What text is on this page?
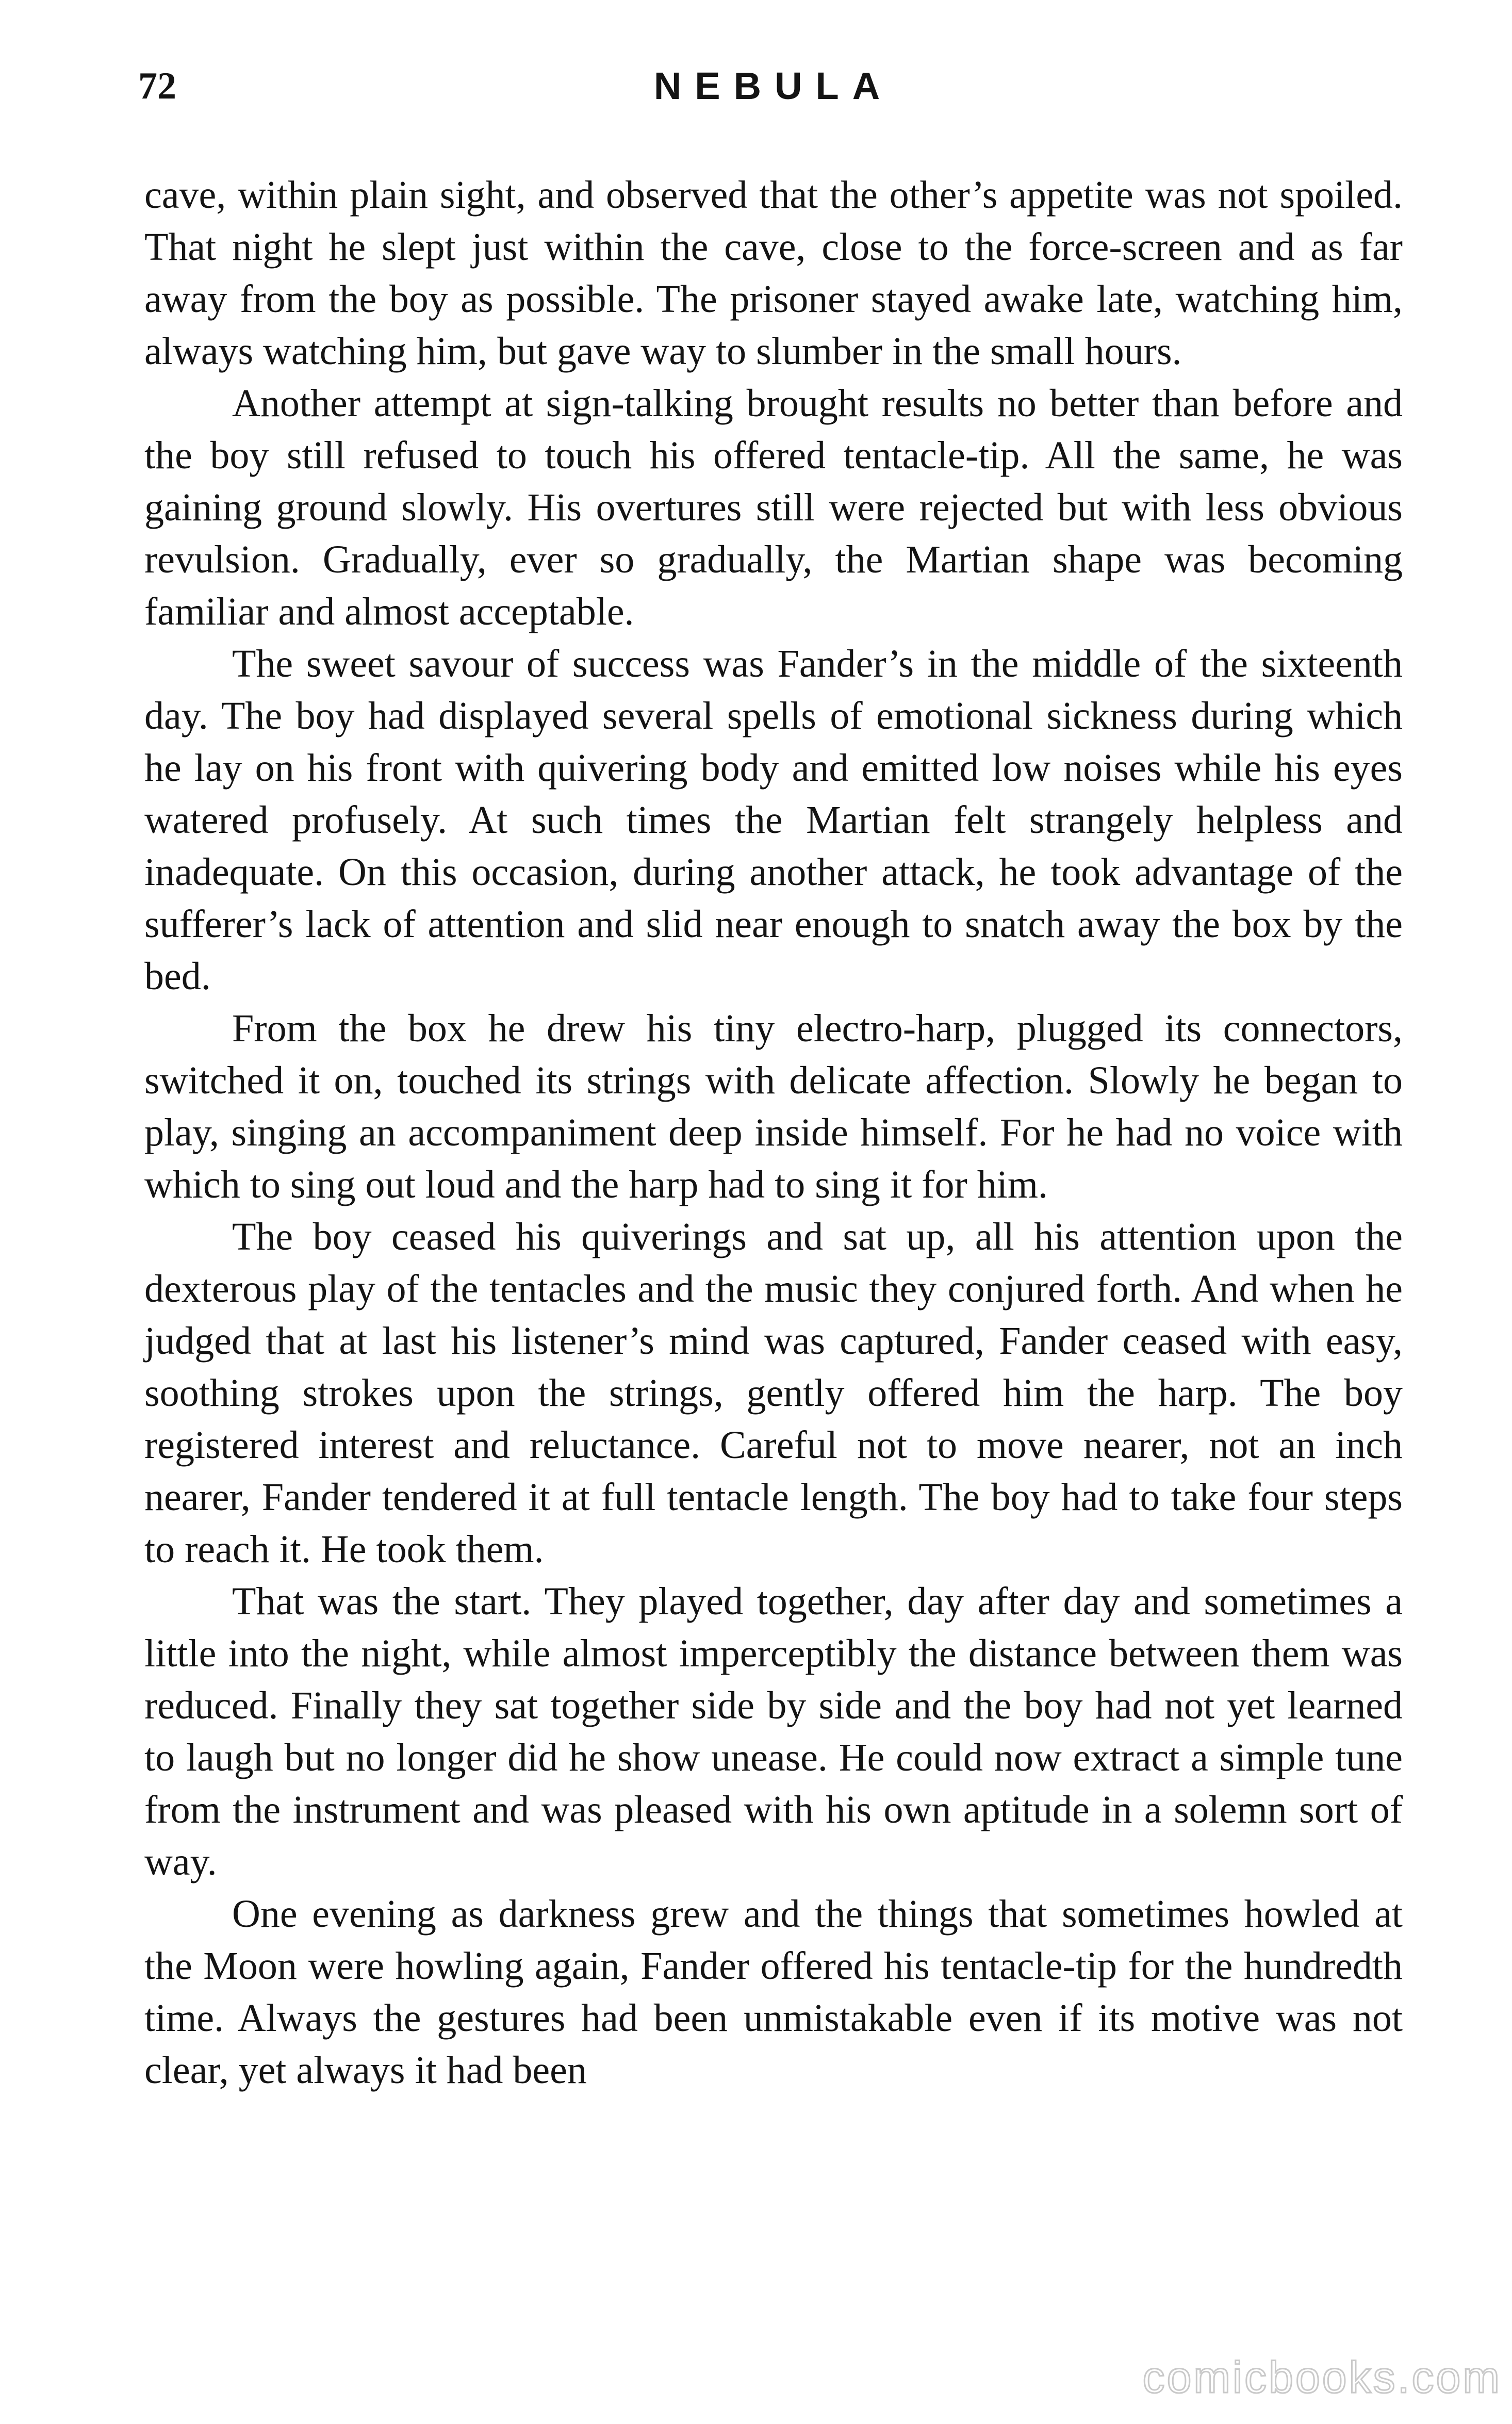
72	NEBULA

cave, within plain sight, and observed that the other’s appetite was not spoiled. That night he slept just within the cave, close to the force-screen and as far away from the boy as possible. The prisoner stayed awake late, watching him, always watching him, but gave way to slumber in the small hours.

Another attempt at sign-talking brought results no better than before and the boy still refused to touch his offered tentacle-tip. All the same, he was gaining ground slowly. His overtures still were rejected but with less obvious revulsion. Gradually, ever so gradually, the Martian shape was becoming familiar and almost acceptable.

The sweet savour of success was Fander’s in the middle of the sixteenth day. The boy had displayed several spells of emotional sickness during which he lay on his front with quivering body and emitted low noises while his eyes watered profusely. At such times the Martian felt strangely helpless and inadequate. On this occasion, during another attack, he took advantage of the sufferer’s lack of attention and slid near enough to snatch away the box by the bed.

From the box he drew his tiny electro-harp, plugged its connectors, switched it on, touched its strings with delicate affection. Slowly he began to play, singing an accompaniment deep inside himself. For he had no voice with which to sing out loud and the harp had to sing it for him.

The boy ceased his quiverings and sat up, all his attention upon the dexterous play of the tentacles and the music they conjured forth. And when he judged that at last his listener’s mind was captured, Fander ceased with easy, soothing strokes upon the strings, gently offered him the harp. The boy registered interest and reluctance. Careful not to move nearer, not an inch nearer, Fander tendered it at full tentacle length. The boy had to take four steps to reach it. He took them.

That was the start. They played together, day after day and sometimes a little into the night, while almost imperceptibly the distance between them was reduced. Finally they sat together side by side and the boy had not yet learned to laugh but no longer did he show unease. He could now extract a simple tune from the instrument and was pleased with his own aptitude in a solemn sort of way.

One evening as darkness grew and the things that sometimes howled at the Moon were howling again, Fander offered his tentacle-tip for the hundredth time. Always the gestures had been unmistakable even if its motive was not clear, yet always it had been

comicbooks.com
